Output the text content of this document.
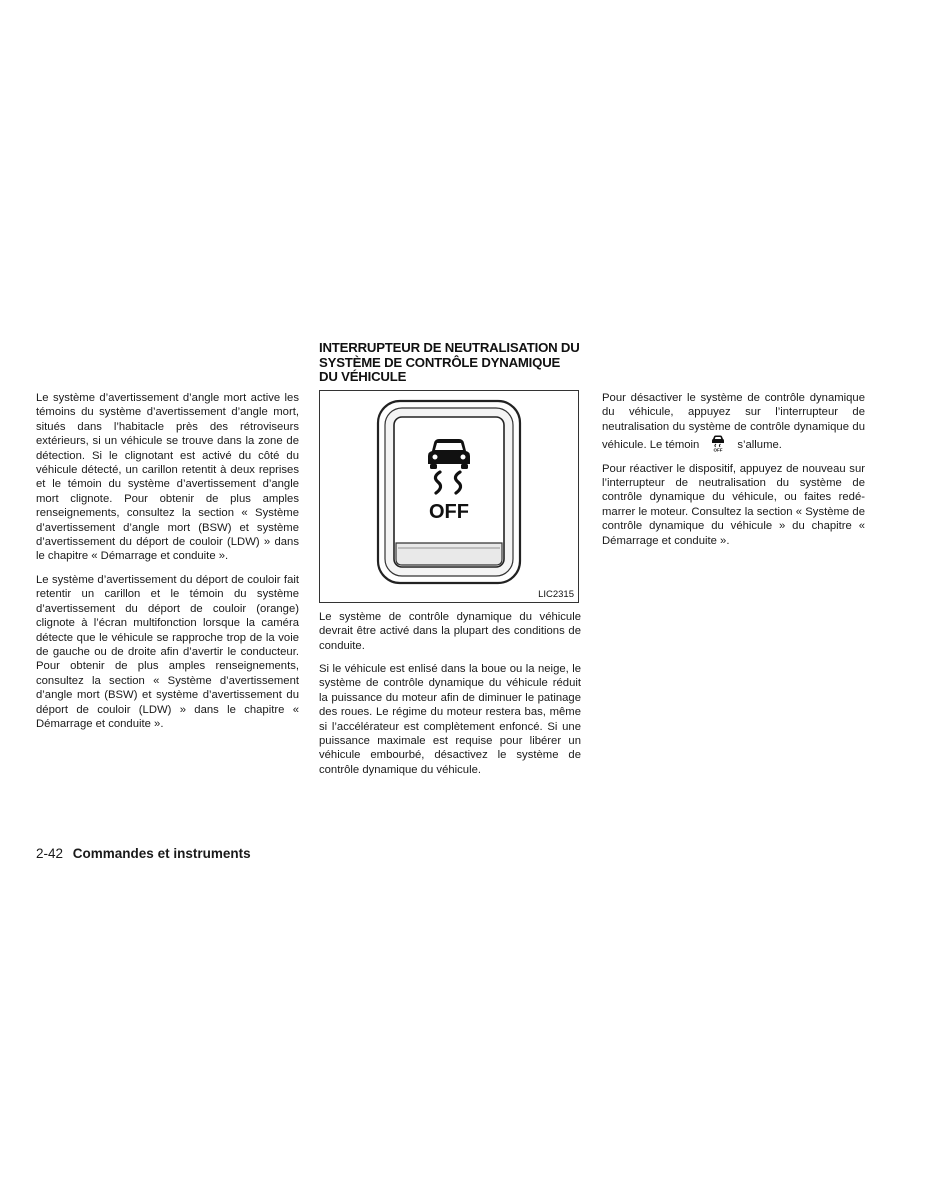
Le système d’avertissement d’angle mort active les témoins du système d’avertissement d’angle mort, situés dans l’habitacle près des rétroviseurs extérieurs, si un véhicule se trouve dans la zone de détection. Si le clignotant est activé du côté du véhicule détecté, un carillon retentit à deux reprises et le témoin du système d’avertissement d’angle mort clignote. Pour obtenir de plus amples renseignements, consultez la section « Système d’avertissement d’angle mort (BSW) et système d’avertissement du déport de couloir (LDW) » dans le chapitre « Démarrage et conduite ».

Le système d’avertissement du déport de couloir fait retentir un carillon et le témoin du système d’avertissement du déport de couloir (orange) clignote à l’écran multifonction lorsque la caméra détecte que le véhicule se rapproche trop de la voie de gauche ou de droite afin d’avertir le conducteur. Pour obtenir de plus amples renseignements, consultez la section « Système d’avertissement d’angle mort (BSW) et système d’avertissement du déport de couloir (LDW) » dans le chapitre « Démarrage et conduite ».

INTERRUPTEUR DE NEUTRALISATION DU SYSTÈME DE CONTRÔLE DYNAMIQUE DU VÉHICULE
OFF
LIC2315

Le système de contrôle dynamique du véhicule devrait être activé dans la plupart des conditions de conduite.

Si le véhicule est enlisé dans la boue ou la neige, le système de contrôle dynamique du véhicule réduit la puissance du moteur afin de diminuer le patinage des roues. Le régime du moteur restera bas, même si l’accélérateur est complètement enfoncé. Si une puissance maximale est requise pour libérer un véhicule embourbé, désactivez le système de contrôle dynamique du véhicule.

Pour désactiver le système de contrôle dynamique du véhicule, appuyez sur l’interrupteur de neutralisation du système de contrôle dynamique du véhicule. Le témoin	OFF s’allume.

Pour réactiver le dispositif, appuyez de nouveau sur l’interrupteur de neutralisation du système de contrôle dynamique du véhicule, ou faites redémarrer le moteur. Consultez la section « Système de contrôle dynamique du véhicule » du chapitre « Démarrage et conduite ».

2-42 Commandes et instruments
